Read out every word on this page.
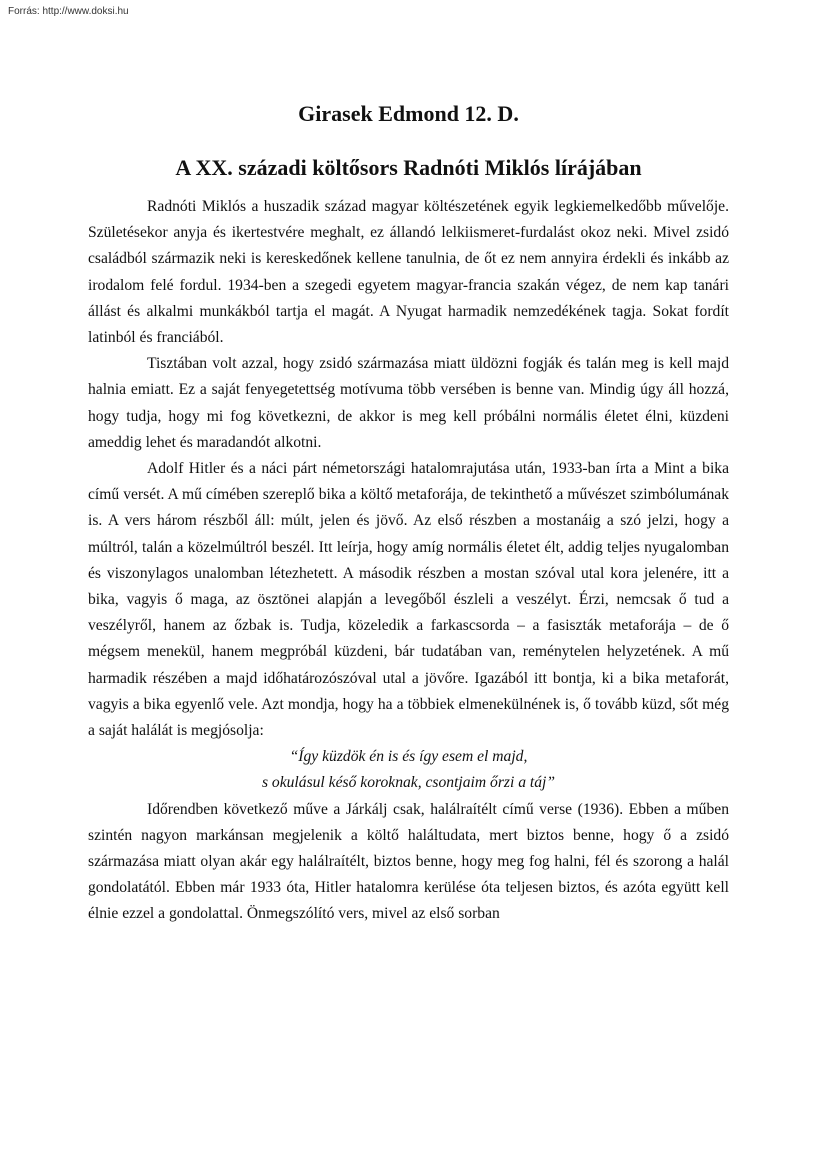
Forrás: http://www.doksi.hu

Girasek Edmond 12. D.
A XX. századi költősors Radnóti Miklós lírájában

Radnóti Miklós a huszadik század magyar költészetének egyik legkiemelkedőbb művelője. Születésekor anyja és ikertestvére meghalt, ez állandó lelkiismeret-furdalást okoz neki. Mivel zsidó családból származik neki is kereskedőnek kellene tanulnia, de őt ez nem annyira érdekli és inkább az irodalom felé fordul. 1934-ben a szegedi egyetem magyar-francia szakán végez, de nem kap tanári állást és alkalmi munkákból tartja el magát. A Nyugat harmadik nemzedékének tagja. Sokat fordít latinból és franciából.

Tisztában volt azzal, hogy zsidó származása miatt üldözni fogják és talán meg is kell majd halnia emiatt. Ez a saját fenyegetettség motívuma több versében is benne van. Mindig úgy áll hozzá, hogy tudja, hogy mi fog következni, de akkor is meg kell próbálni normális életet élni, küzdeni ameddig lehet és maradandót alkotni.

Adolf Hitler és a náci párt németországi hatalomrajutása után, 1933-ban írta a Mint a bika című versét. A mű címében szereplő bika a költő metaforája, de tekinthető a művészet szimbólumának is. A vers három részből áll: múlt, jelen és jövő. Az első részben a mostanáig a szó jelzi, hogy a múltról, talán a közelmúltról beszél. Itt leírja, hogy amíg normális életet élt, addig teljes nyugalomban és viszonylagos unalomban létezhetett. A második részben a mostan szóval utal kora jelenére, itt a bika, vagyis ő maga, az ösztönei alapján a levegőből észleli a veszélyt. Érzi, nemcsak ő tud a veszélyről, hanem az őzbak is. Tudja, közeledik a farkascsorda – a fasiszták metaforája – de ő mégsem menekül, hanem megpróbál küzdeni, bár tudatában van, reménytelen helyzetének. A mű harmadik részében a majd időhatározószóval utal a jövőre. Igazából itt bontja, ki a bika metaforát, vagyis a bika egyenlő vele. Azt mondja, hogy ha a többiek elmenekülnének is, ő tovább küzd, sőt még a saját halálát is megjósolja:

“Így küzdök én is és így esem el majd,

s okulásul késő koroknak, csontjaim őrzi a táj”

Időrendben következő műve a Járkálj csak, halálraítélt című verse (1936). Ebben a műben szintén nagyon markánsan megjelenik a költő haláltudata, mert biztos benne, hogy ő a zsidó származása miatt olyan akár egy halálraítélt, biztos benne, hogy meg fog halni, fél és szorong a halál gondolatától. Ebben már 1933 óta, Hitler hatalomra kerülése óta teljesen biztos, és azóta együtt kell élnie ezzel a gondolattal. Önmegszólító vers, mivel az első sorban
